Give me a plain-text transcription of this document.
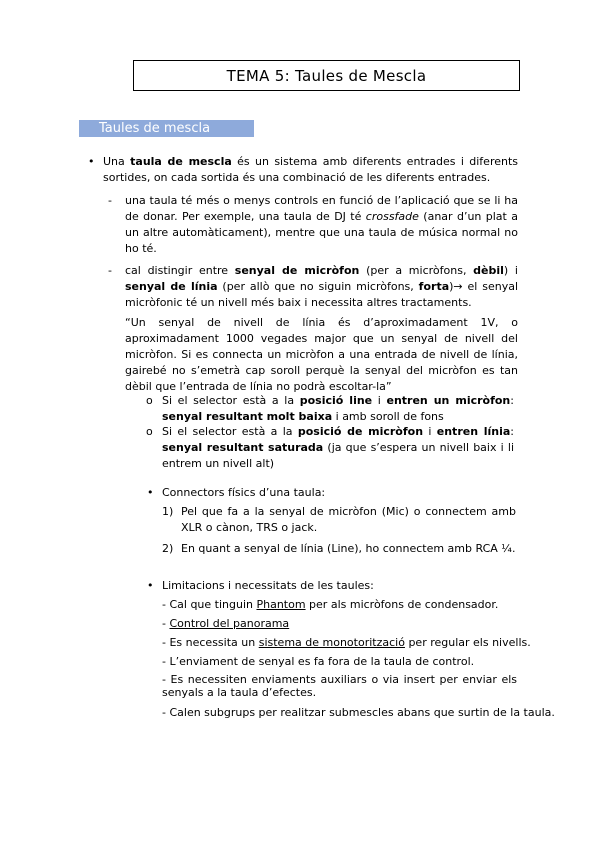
TEMA 5: Taules de Mescla
Taules de mescla
• Una taula de mescla és un sistema amb diferents entrades i diferents sortides, on cada sortida és una combinació de les diferents entrades.

- una taula té més o menys controls en funció de l’aplicació que se li ha de donar. Per exemple, una taula de DJ té crossfade (anar d’un plat a un altre automàticament), mentre que una taula de música normal no ho té.

- cal distingir entre senyal de micròfon (per a micròfons, dèbil) i senyal de línia (per allò que no siguin micròfons, forta)→ el senyal micròfonic té un nivell més baix i necessita altres tractaments.

“Un senyal de nivell de línia és d’aproximadament 1V, o aproximadament 1000 vegades major que un senyal de nivell del micròfon. Si es connecta un micròfon a una entrada de nivell de línia, gairebé no s’emetrà cap soroll perquè la senyal del micròfon es tan dèbil que l’entrada de línia no podrà escoltar-la”

o Si el selector està a la posició line i entren un micròfon: senyal resultant molt baixa i amb soroll de fons

o Si el selector està a la posició de micròfon i entren línia: senyal resultant saturada (ja que s’espera un nivell baix i li entrem un nivell alt)

• Connectors físics d’una taula:

1) Pel que fa a la senyal de micròfon (Mic) o connectem amb XLR o cànon, TRS o jack.

2) En quant a senyal de línia (Line), ho connectem amb RCA ¼.

• Limitacions i necessitats de les taules:

- Cal que tinguin Phantom per als micròfons de condensador.
- Control del panorama
- Es necessita un sistema de monotorització per regular els nivells.
- L’enviament de senyal es fa fora de la taula de control.

- Es necessiten enviaments auxiliars o via insert per enviar els senyals a la taula d’efectes.

- Calen subgrups per realitzar submescles abans que surtin de la taula.
